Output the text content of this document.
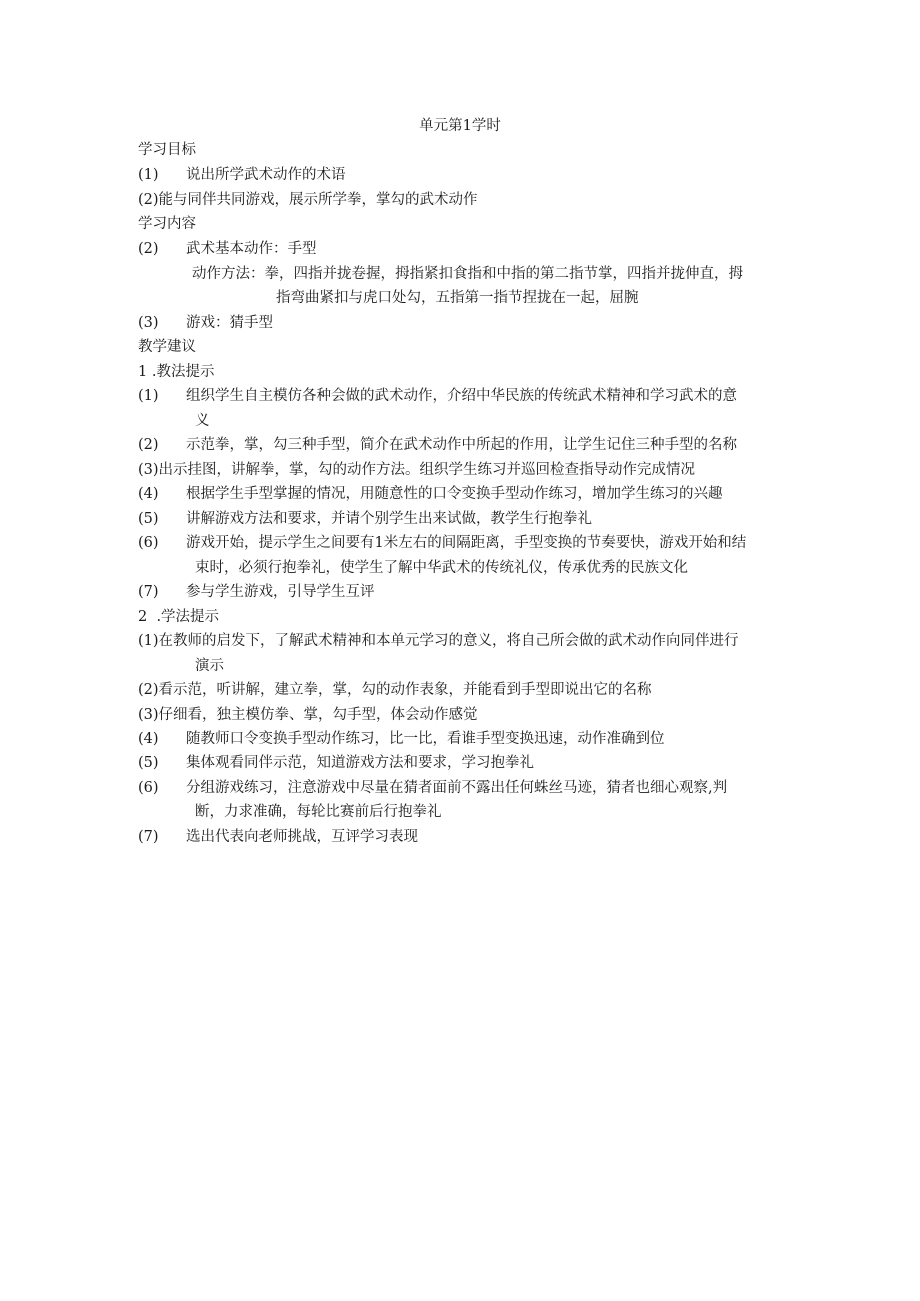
单元第1学时
学习目标
(1) 说出所学武术动作的术语
(2)能与同伴共同游戏，展示所学拳，掌勾的武术动作
学习内容
(2) 武术基本动作：手型
动作方法：拳，四指并拢卷握，拇指紧扣食指和中指的第二指节掌，四指并拢伸直，拇
指弯曲紧扣与虎口处勾，五指第一指节捏拢在一起，屈腕
(3) 游戏：猜手型
教学建议
1 .教法提示
(1) 组织学生自主模仿各种会做的武术动作，介绍中华民族的传统武术精神和学习武术的意
义
(2) 示范拳，掌，勾三种手型，简介在武术动作中所起的作用，让学生记住三种手型的名称
(3)出示挂图，讲解拳，掌，勾的动作方法。组织学生练习并巡回检查指导动作完成情况
(4) 根据学生手型掌握的情况，用随意性的口令变换手型动作练习，增加学生练习的兴趣
(5) 讲解游戏方法和要求，并请个别学生出来试做，教学生行抱拳礼
(6) 游戏开始，提示学生之间要有1米左右的间隔距离，手型变换的节奏要快，游戏开始和结
束时，必须行抱拳礼，使学生了解中华武术的传统礼仪，传承优秀的民族文化
(7) 参与学生游戏，引导学生互评
2  .学法提示
(1)在教师的启发下，了解武术精神和本单元学习的意义，将自己所会做的武术动作向同伴进行
演示
(2)看示范，听讲解，建立拳，掌，勾的动作表象，并能看到手型即说出它的名称
(3)仔细看，独主模仿拳、掌，勾手型，体会动作感觉
(4) 随教师口令变换手型动作练习，比一比，看谁手型变换迅速，动作准确到位
(5) 集体观看同伴示范，知道游戏方法和要求，学习抱拳礼
(6) 分组游戏练习，注意游戏中尽量在猜者面前不露出任何蛛丝马迹，猜者也细心观察,判
断，力求准确，每轮比赛前后行抱拳礼
(7) 选出代表向老师挑战，互评学习表现
